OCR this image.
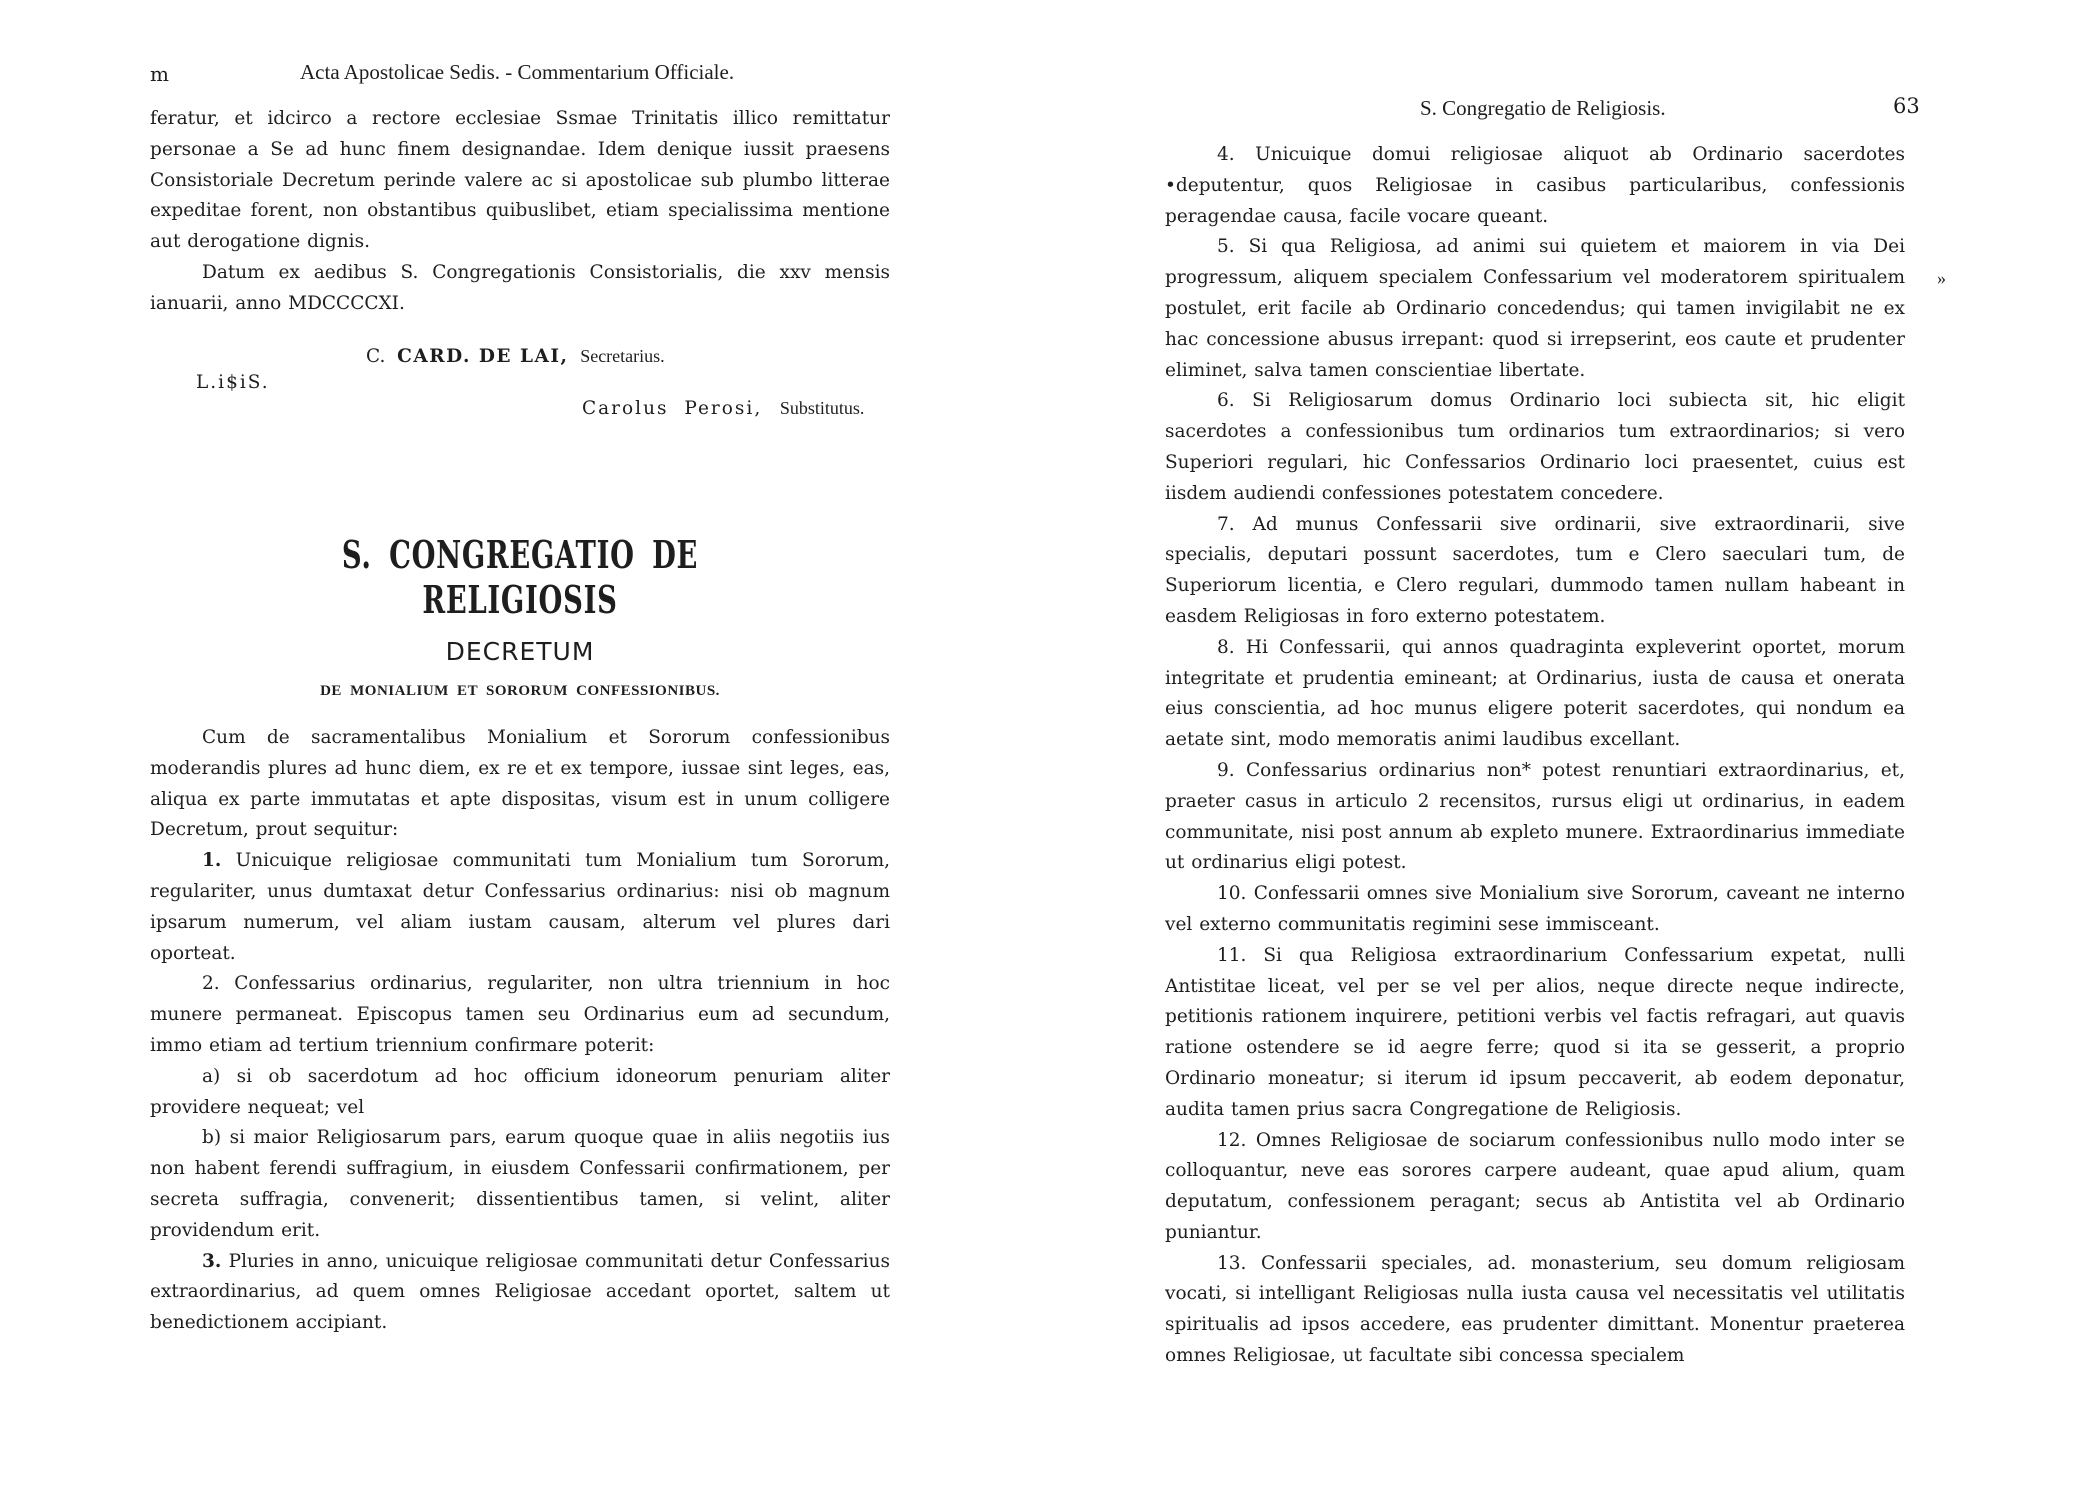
m	Acta Apostolicae Sedis. - Commentarium Officiale.

feratur, et idcirco a rectore ecclesiae Ssmae Trinitatis illico remittatur personae a Se ad hunc finem designandae. Idem denique iussit praesens Consistoriale Decretum perinde valere ac si apostolicae sub plumbo litterae expeditae forent, non obstantibus quibuslibet, etiam specialissima mentione aut derogatione dignis.

Datum ex aedibus S. Congregationis Consistorialis, die xxv mensis ianuarii, anno MDCCCCXI.

C. CARD. DE LAI, Secretarius.
L.i$iS.
Carolus Perosi, Substitutus.
S. CONGREGATIO DE RELIGIOSIS
DECRETUM
DE MONIALIUM ET SORORUM CONFESSIONIBUS.

Cum de sacramentalibus Monialium et Sororum confessionibus moderandis plures ad hunc diem, ex re et ex tempore, iussae sint leges, eas, aliqua ex parte immutatas et apte dispositas, visum est in unum colligere Decretum, prout sequitur:

1. Unicuique religiosae communitati tum Monialium tum Sororum, regulariter, unus dumtaxat detur Confessarius ordinarius: nisi ob magnum ipsarum numerum, vel aliam iustam causam, alterum vel plures dari oporteat.

2. Confessarius ordinarius, regulariter, non ultra triennium in hoc munere permaneat. Episcopus tamen seu Ordinarius eum ad secundum, immo etiam ad tertium triennium confirmare poterit:

a) si ob sacerdotum ad hoc officium idoneorum penuriam aliter providere nequeat; vel

b) si maior Religiosarum pars, earum quoque quae in aliis negotiis ius non habent ferendi suffragium, in eiusdem Confessarii confirmationem, per secreta suffragia, convenerit; dissentientibus tamen, si velint, aliter providendum erit.

3. Pluries in anno, unicuique religiosae communitati detur Confessarius extraordinarius, ad quem omnes Religiosae accedant oportet, saltem ut benedictionem accipiant.

S. Congregatio de Religiosis.	63
»

4. Unicuique domui religiosae aliquot ab Ordinario sacerdotes •deputentur, quos Religiosae in casibus particularibus, confessionis peragendae causa, facile vocare queant.

5. Si qua Religiosa, ad animi sui quietem et maiorem in via Dei progressum, aliquem specialem Confessarium vel moderatorem spiritualem postulet, erit facile ab Ordinario concedendus; qui tamen invigilabit ne ex hac concessione abusus irrepant: quod si irrepserint, eos caute et prudenter eliminet, salva tamen conscientiae libertate.

6. Si Religiosarum domus Ordinario loci subiecta sit, hic eligit sacerdotes a confessionibus tum ordinarios tum extraordinarios; si vero Superiori regulari, hic Confessarios Ordinario loci praesentet, cuius est iisdem audiendi confessiones potestatem concedere.

7. Ad munus Confessarii sive ordinarii, sive extraordinarii, sive specialis, deputari possunt sacerdotes, tum e Clero saeculari tum, de Superiorum licentia, e Clero regulari, dummodo tamen nullam habeant in easdem Religiosas in foro externo potestatem.

8. Hi Confessarii, qui annos quadraginta expleverint oportet, morum integritate et prudentia emineant; at Ordinarius, iusta de causa et onerata eius conscientia, ad hoc munus eligere poterit sacerdotes, qui nondum ea aetate sint, modo memoratis animi laudibus excellant.

9. Confessarius ordinarius non* potest renuntiari extraordinarius, et, praeter casus in articulo 2 recensitos, rursus eligi ut ordinarius, in eadem communitate, nisi post annum ab expleto munere. Extraordinarius immediate ut ordinarius eligi potest.

10. Confessarii omnes sive Monialium sive Sororum, caveant ne interno vel externo communitatis regimini sese immisceant.

11. Si qua Religiosa extraordinarium Confessarium expetat, nulli Antistitae liceat, vel per se vel per alios, neque directe neque indirecte, petitionis rationem inquirere, petitioni verbis vel factis refragari, aut quavis ratione ostendere se id aegre ferre; quod si ita se gesserit, a proprio Ordinario moneatur; si iterum id ipsum peccaverit, ab eodem deponatur, audita tamen prius sacra Congregatione de Religiosis.

12. Omnes Religiosae de sociarum confessionibus nullo modo inter se colloquantur, neve eas sorores carpere audeant, quae apud alium, quam deputatum, confessionem peragant; secus ab Antistita vel ab Ordinario puniantur.

13. Confessarii speciales, ad. monasterium, seu domum religiosam vocati, si intelligant Religiosas nulla iusta causa vel necessitatis vel utilitatis spiritualis ad ipsos accedere, eas prudenter dimittant. Monentur praeterea omnes Religiosae, ut facultate sibi concessa specialem
